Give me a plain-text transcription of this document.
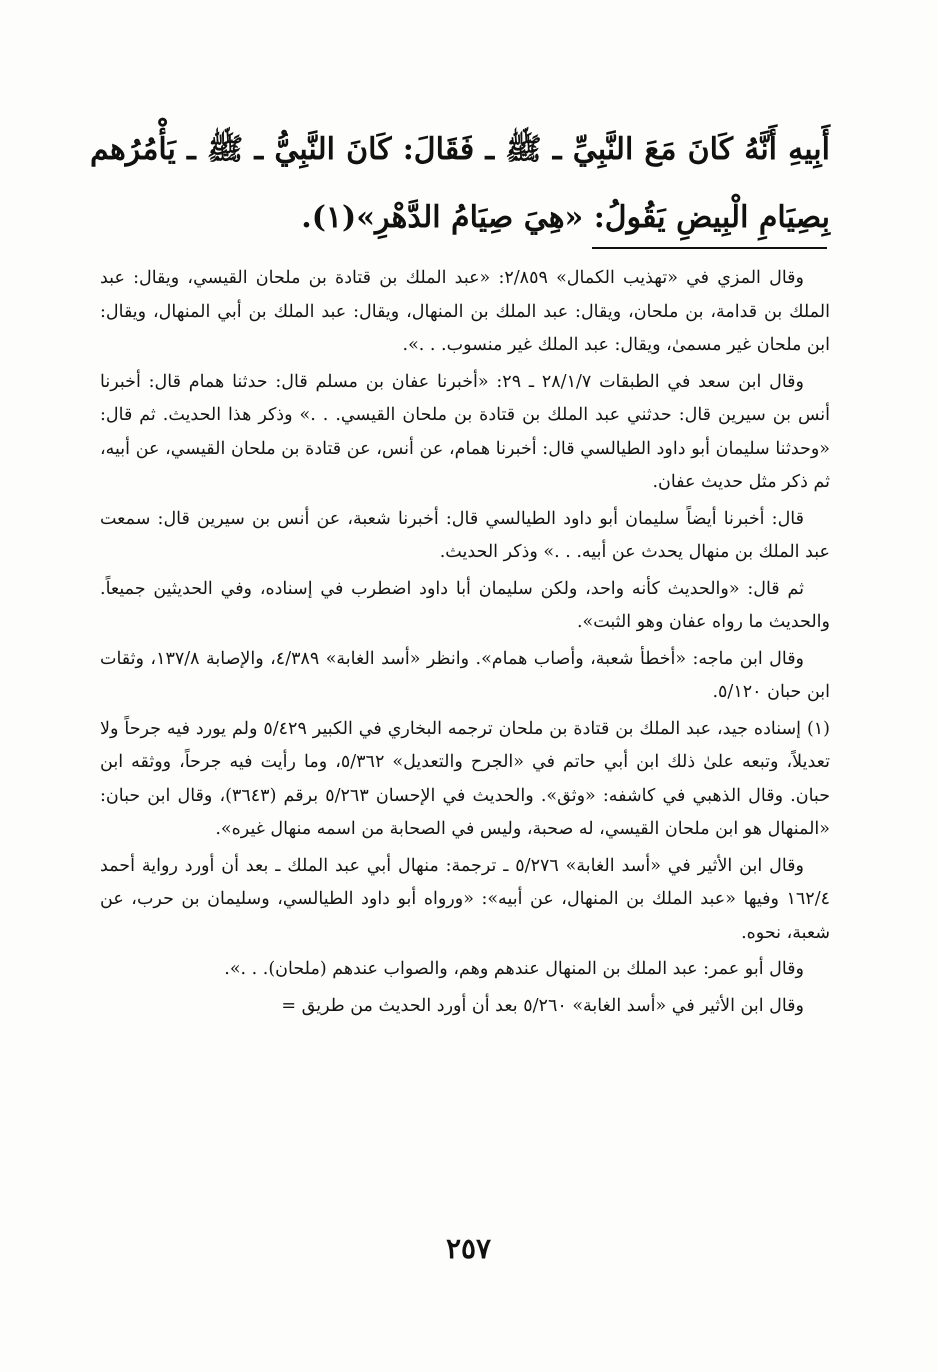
أَبِيهِ أَنَّهُ كَانَ مَعَ النَّبِيِّ ـ ﷺ ـ فَقَالَ: كَانَ النَّبِيُّ ـ ﷺ ـ يَأْمُرُهم بِصِيَامِ الْبِيضِ يَقُولُ: «هِيَ صِيَامُ الدَّهْرِ»(١).

وقال المزي في «تهذيب الكمال» ٢/٨٥٩: «عبد الملك بن قتادة بن ملحان القيسي، ويقال: عبد الملك بن قدامة، بن ملحان، ويقال: عبد الملك بن المنهال، ويقال: عبد الملك بن أبي المنهال، ويقال: ابن ملحان غير مسمىٰ، ويقال: عبد الملك غير منسوب. . .».

وقال ابن سعد في الطبقات ٢٨/١/٧ ـ ٢٩: «أخبرنا عفان بن مسلم قال: حدثنا همام قال: أخبرنا أنس بن سيرين قال: حدثني عبد الملك بن قتادة بن ملحان القيسي. . .» وذكر هذا الحديث. ثم قال: «وحدثنا سليمان أبو داود الطيالسي قال: أخبرنا همام، عن أنس، عن قتادة بن ملحان القيسي، عن أبيه، ثم ذكر مثل حديث عفان.

قال: أخبرنا أيضاً سليمان أبو داود الطيالسي قال: أخبرنا شعبة، عن أنس بن سيرين قال: سمعت عبد الملك بن منهال يحدث عن أبيه. . .» وذكر الحديث.

ثم قال: «والحديث كأنه واحد، ولكن سليمان أبا داود اضطرب في إسناده، وفي الحديثين جميعاً. والحديث ما رواه عفان وهو الثبت».

وقال ابن ماجه: «أخطأ شعبة، وأصاب همام». وانظر «أسد الغابة» ٤/٣٨٩، والإصابة ١٣٧/٨، وثقات ابن حبان ٥/١٢٠.

(١) إسناده جيد، عبد الملك بن قتادة بن ملحان ترجمه البخاري في الكبير ٥/٤٢٩ ولم يورد فيه جرحاً ولا تعديلاً، وتبعه علىٰ ذلك ابن أبي حاتم في «الجرح والتعديل» ٥/٣٦٢، وما رأيت فيه جرحاً، ووثقه ابن حبان. وقال الذهبي في كاشفه: «وثق». والحديث في الإحسان ٥/٢٦٣ برقم (٣٦٤٣)، وقال ابن حبان: «المنهال هو ابن ملحان القيسي، له صحبة، وليس في الصحابة من اسمه منهال غيره».

وقال ابن الأثير في «أسد الغابة» ٥/٢٧٦ ـ ترجمة: منهال أبي عبد الملك ـ بعد أن أورد رواية أحمد ١٦٢/٤ وفيها «عبد الملك بن المنهال، عن أبيه»: «ورواه أبو داود الطيالسي، وسليمان بن حرب، عن شعبة، نحوه.

وقال أبو عمر: عبد الملك بن المنهال عندهم وهم، والصواب عندهم (ملحان). . .».

وقال ابن الأثير في «أسد الغابة» ٥/٢٦٠ بعد أن أورد الحديث من طريق =

٢٥٧
